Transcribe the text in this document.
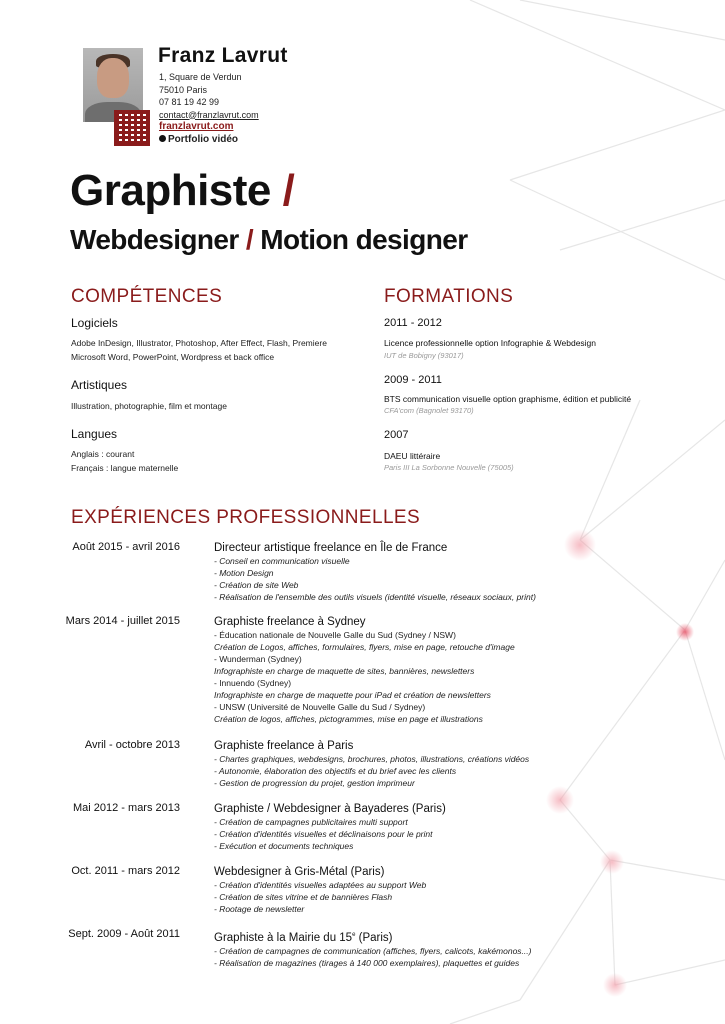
Franz Lavrut
1, Square de Verdun
75010 Paris
07 81 19 42 99
contact@franzlavrut.com
franzlavrut.com
Portfolio vidéo
Graphiste /
Webdesigner / Motion designer
COMPÉTENCES
Logiciels
Adobe InDesign, Illustrator, Photoshop, After Effect, Flash, Premiere
Microsoft Word, PowerPoint, Wordpress et back office
Artistiques
Illustration, photographie, film et montage
Langues
Anglais : courant
Français : langue maternelle
FORMATIONS
2011 - 2012
Licence professionnelle option Infographie & Webdesign
IUT de Bobigny (93017)
2009 - 2011
BTS communication visuelle option graphisme, édition et publicité
CFA'com (Bagnolet 93170)
2007
DAEU littéraire
Paris III La Sorbonne Nouvelle (75005)
EXPÉRIENCES PROFESSIONNELLES
Août 2015 - avril 2016	Directeur artistique freelance en Île de France
- Conseil en communication visuelle
- Motion Design
- Création de site Web
- Réalisation de l'ensemble des outils visuels (identité visuelle, réseaux sociaux, print)
Mars 2014 - juillet 2015	Graphiste freelance à Sydney
- Éducation nationale de Nouvelle Galle du Sud (Sydney / NSW)
Création de Logos, affiches, formulaires, flyers, mise en page, retouche d'image
- Wunderman (Sydney)
Infographiste en charge de maquette de sites, bannières, newsletters
- Innuendo (Sydney)
Infographiste en charge de maquette pour iPad et création de newsletters
- UNSW (Université de Nouvelle Galle du Sud / Sydney)
Création de logos, affiches, pictogrammes, mise en page et illustrations
Avril - octobre 2013	Graphiste freelance à Paris
- Chartes graphiques, webdesigns, brochures, photos, illustrations, créations vidéos
- Autonomie, élaboration des objectifs et du brief avec les clients
- Gestion de progression du projet, gestion imprimeur
Mai 2012 - mars 2013	Graphiste / Webdesigner à Bayaderes (Paris)
- Création de campagnes publicitaires multi support
- Création d'identités visuelles et déclinaisons pour le print
- Exécution et documents techniques
Oct. 2011 - mars 2012	Webdesigner à Gris-Métal (Paris)
- Création d'identités visuelles adaptées au support Web
- Création de sites vitrine et de bannières Flash
- Rootage de newsletter
Sept. 2009 - Août 2011	Graphiste à la Mairie du 15e (Paris)
- Création de campagnes de communication (affiches, flyers, calicots, kakémonos...)
- Réalisation de magazines (tirages à 140 000 exemplaires), plaquettes et guides
